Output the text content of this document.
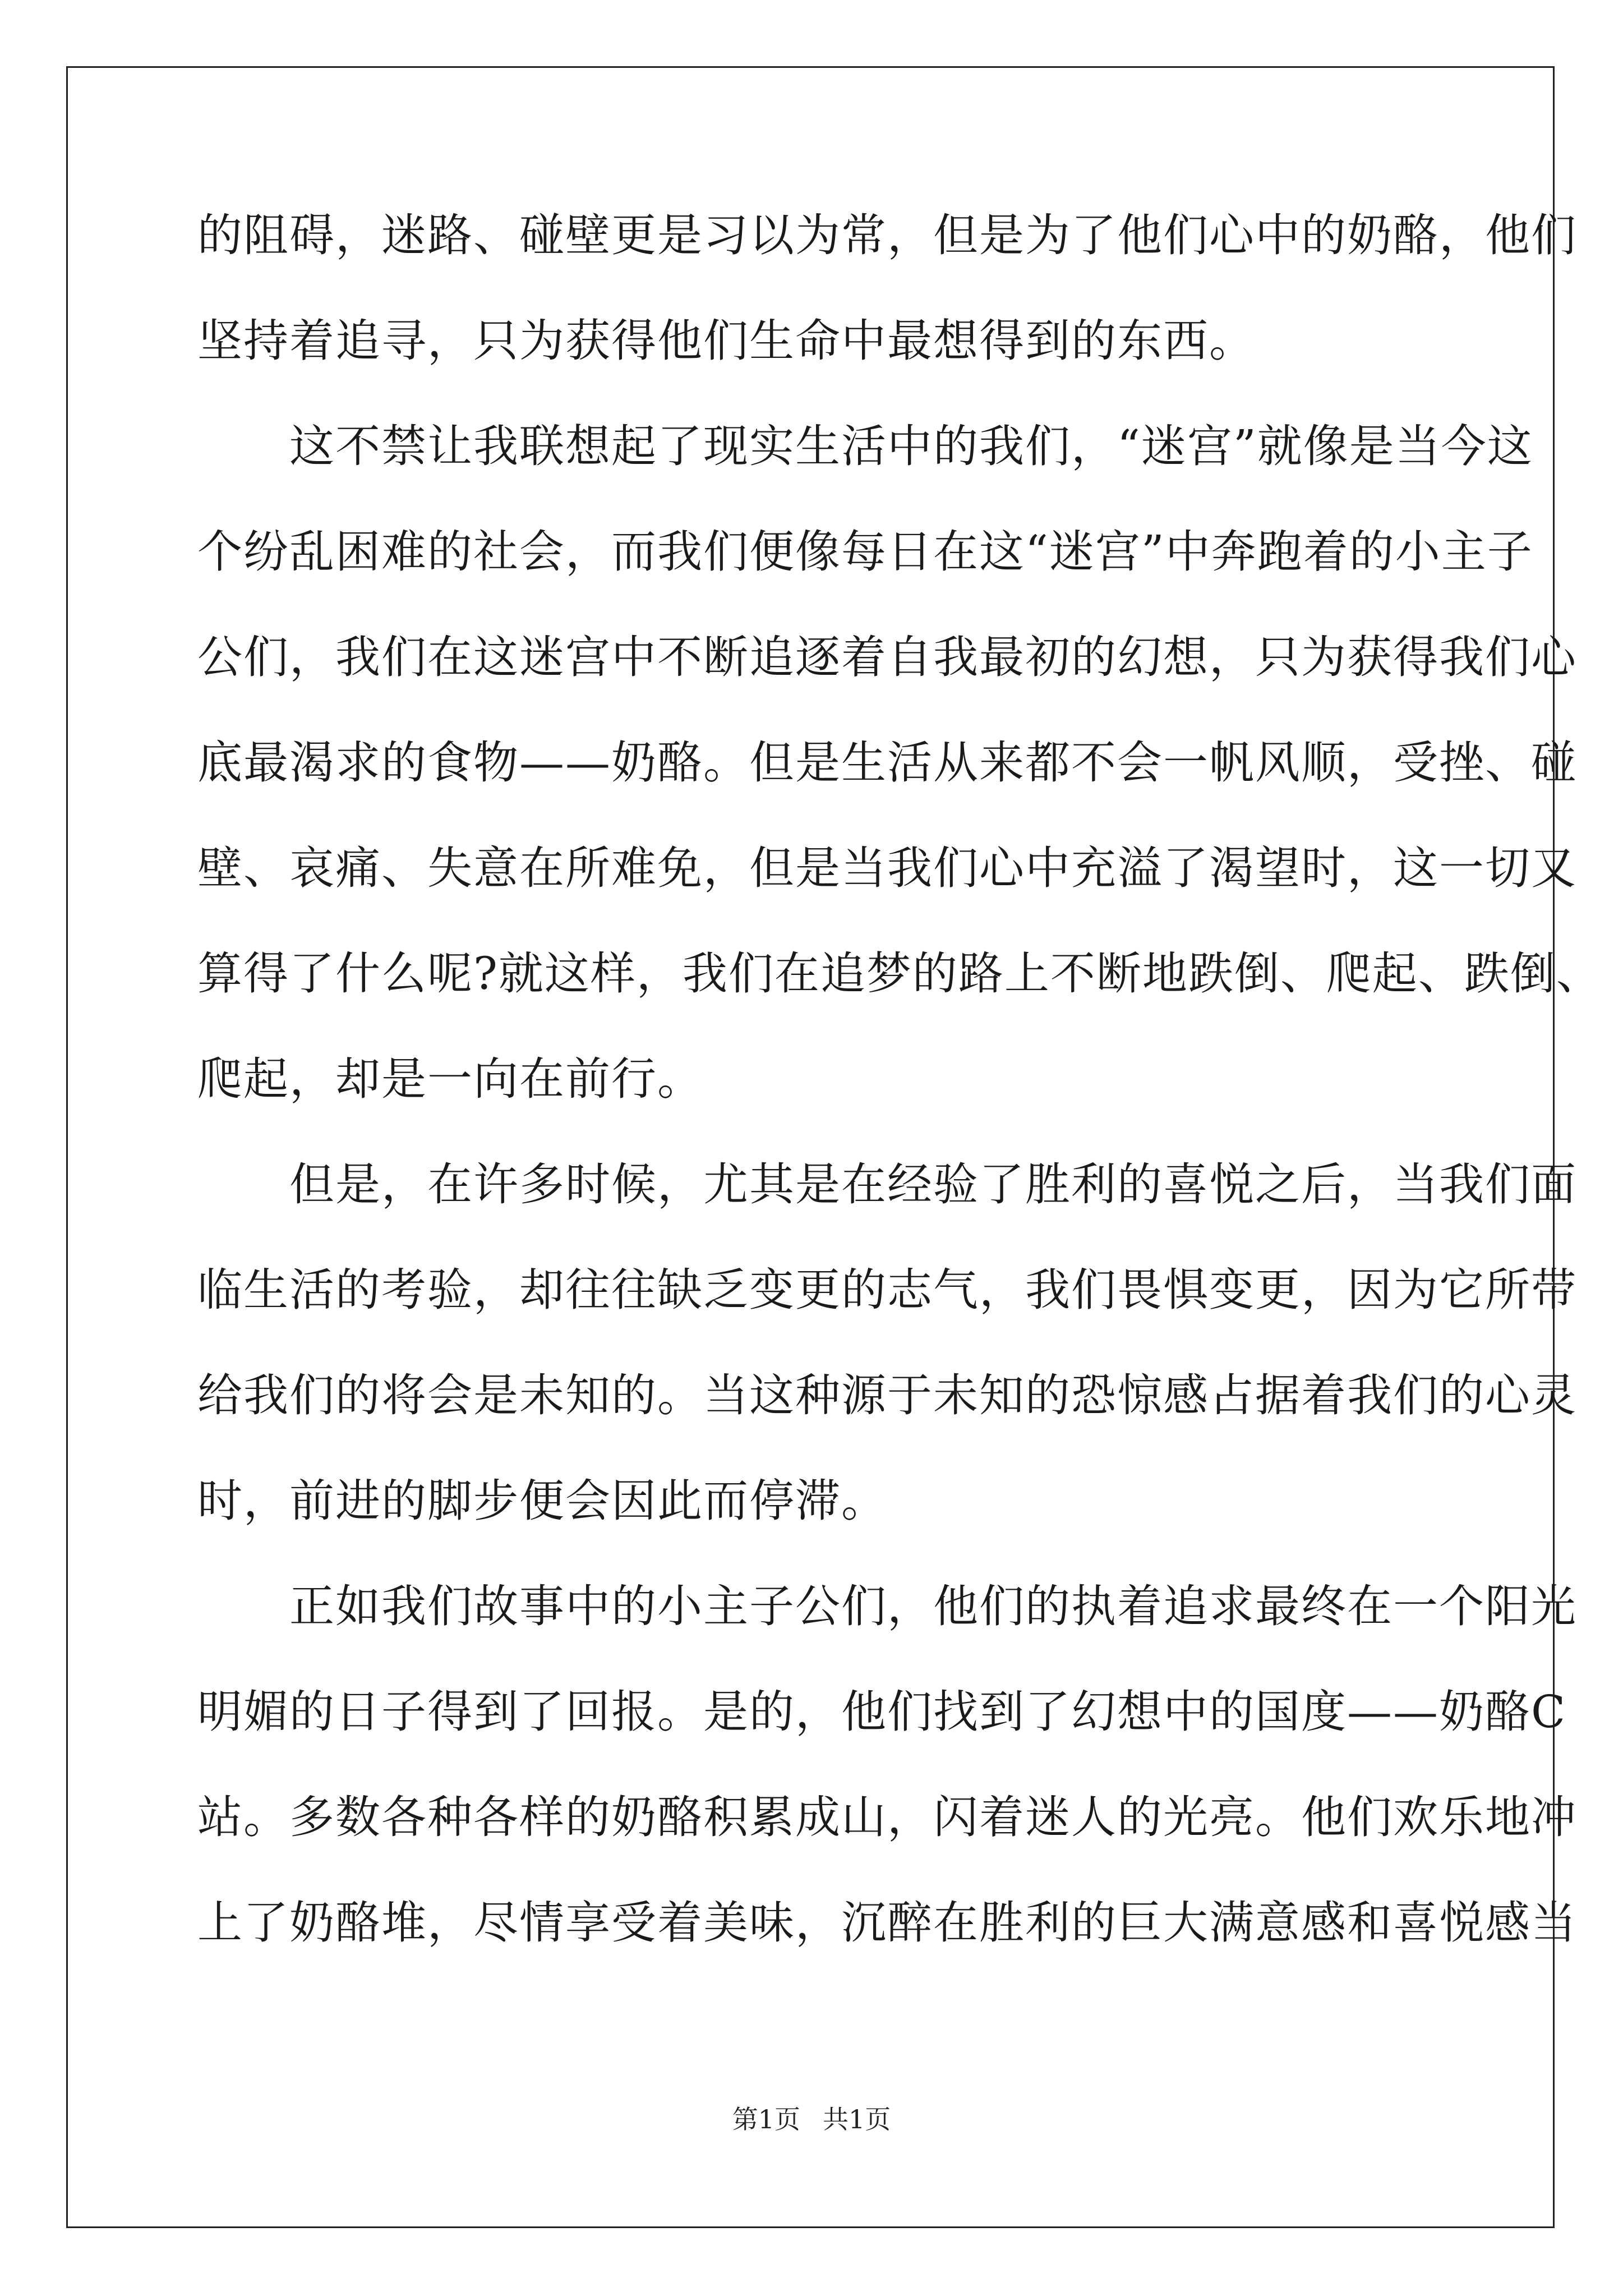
的阻碍，迷路、碰壁更是习以为常，但是为了他们心中的奶酪，他们
坚持着追寻，只为获得他们生命中最想得到的东西。
　　这不禁让我联想起了现实生活中的我们，“迷宫”就像是当今这
个纷乱困难的社会，而我们便像每日在这“迷宫”中奔跑着的小主子
公们，我们在这迷宫中不断追逐着自我最初的幻想，只为获得我们心
底最渴求的食物——奶酪。但是生活从来都不会一帆风顺，受挫、碰
壁、哀痛、失意在所难免，但是当我们心中充溢了渴望时，这一切又
算得了什么呢?就这样，我们在追梦的路上不断地跌倒、爬起、跌倒、
爬起，却是一向在前行。
　　但是，在许多时候，尤其是在经验了胜利的喜悦之后，当我们面
临生活的考验，却往往缺乏变更的志气，我们畏惧变更，因为它所带
给我们的将会是未知的。当这种源于未知的恐惊感占据着我们的心灵
时，前进的脚步便会因此而停滞。
　　正如我们故事中的小主子公们，他们的执着追求最终在一个阳光
明媚的日子得到了回报。是的，他们找到了幻想中的国度——奶酪C
站。多数各种各样的奶酪积累成山，闪着迷人的光亮。他们欢乐地冲
上了奶酪堆，尽情享受着美味，沉醉在胜利的巨大满意感和喜悦感当
第1页 共1页
